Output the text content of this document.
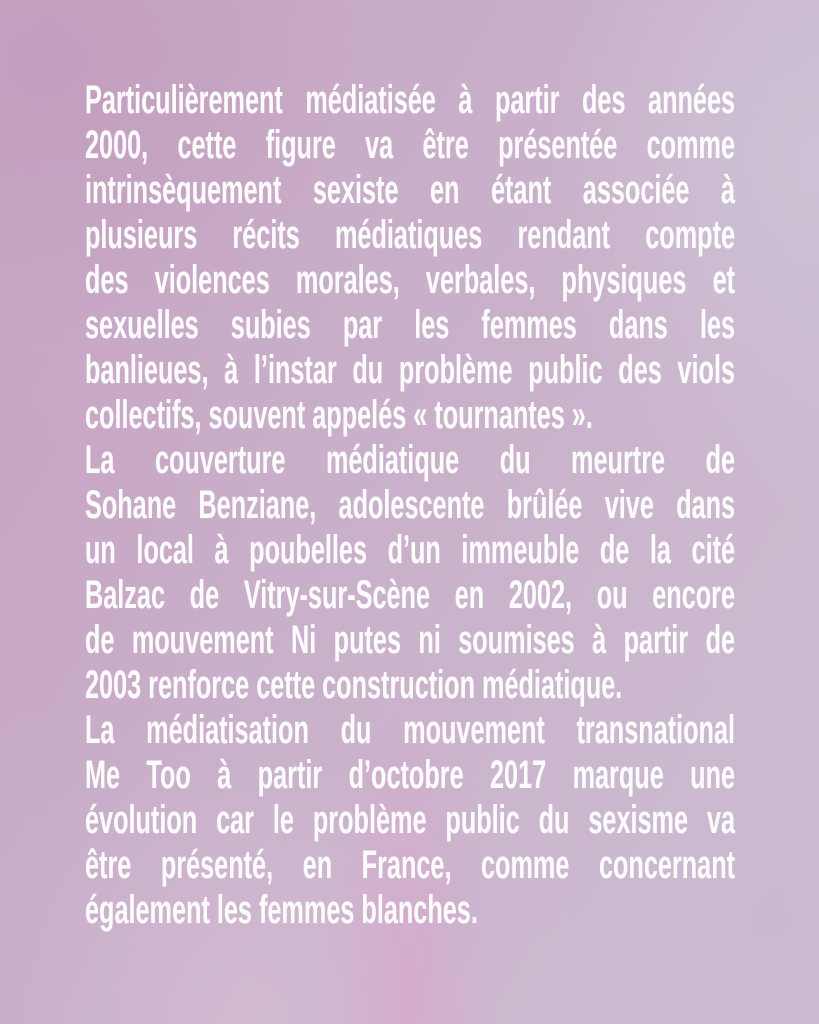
Particulièrement médiatisée à partir des années
2000, cette figure va être présentée comme
intrinsèquement sexiste en étant associée à
plusieurs récits médiatiques rendant compte
des violences morales, verbales, physiques et
sexuelles subies par les femmes dans les
banlieues, à l’instar du problème public des viols
collectifs, souvent appelés « tournantes ».
La couverture médiatique du meurtre de
Sohane Benziane, adolescente brûlée vive dans
un local à poubelles d’un immeuble de la cité
Balzac de Vitry-sur-Scène en 2002, ou encore
de mouvement Ni putes ni soumises à partir de
2003 renforce cette construction médiatique.
La médiatisation du mouvement transnational
Me Too à partir d’octobre 2017 marque une
évolution car le problème public du sexisme va
être présenté, en France, comme concernant
également les femmes blanches.
